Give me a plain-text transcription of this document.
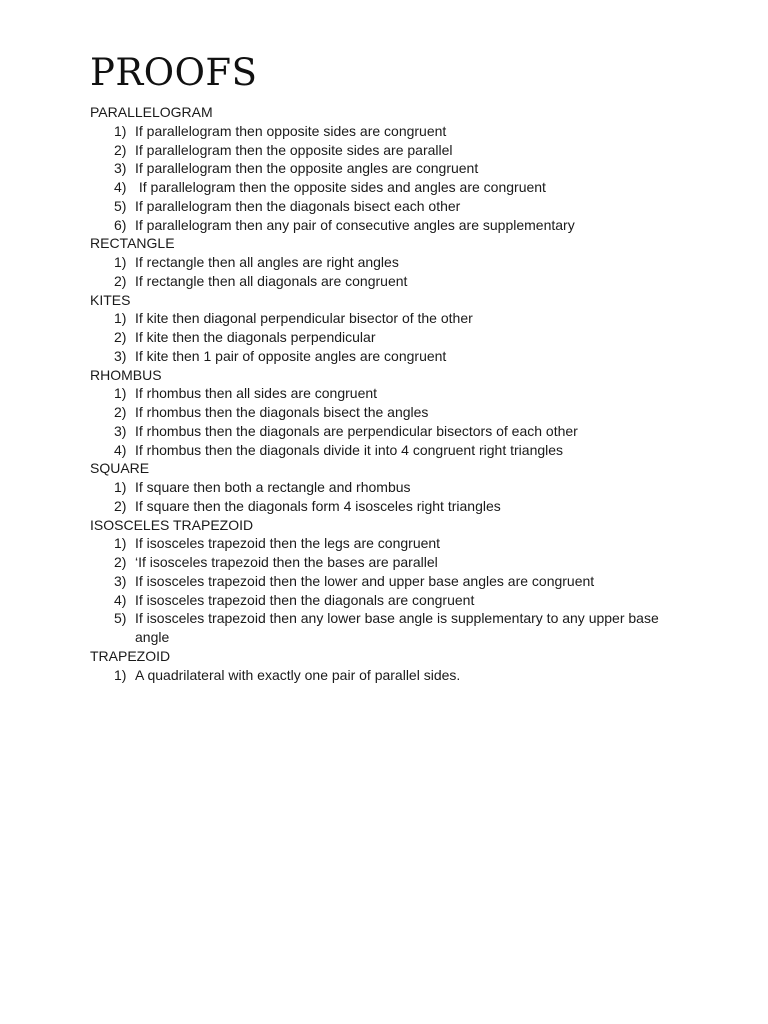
PROOFS
PARALLELOGRAM
1) If parallelogram then opposite sides are congruent
2) If parallelogram then the opposite sides are parallel
3) If parallelogram then the opposite angles are congruent
4) If parallelogram then the opposite sides and angles are congruent
5) If parallelogram then the diagonals bisect each other
6) If parallelogram then any pair of consecutive angles are supplementary
RECTANGLE
1) If rectangle then all angles are right angles
2) If rectangle then all diagonals are congruent
KITES
1) If kite then diagonal perpendicular bisector of the other
2) If kite then the diagonals perpendicular
3) If kite then 1 pair of opposite angles are congruent
RHOMBUS
1) If rhombus then all sides are congruent
2) If rhombus then the diagonals bisect the angles
3) If rhombus then the diagonals are perpendicular bisectors of each other
4) If rhombus then the diagonals divide it into 4 congruent right triangles
SQUARE
1) If square then both a rectangle and rhombus
2) If square then the diagonals form 4 isosceles right triangles
ISOSCELES TRAPEZOID
1) If isosceles trapezoid then the legs are congruent
2) ‘If isosceles trapezoid then the bases are parallel
3) If isosceles trapezoid then the lower and upper base angles are congruent
4) If isosceles trapezoid then the diagonals are congruent
5) If isosceles trapezoid then any lower base angle is supplementary to any upper base angle
TRAPEZOID
1) A quadrilateral with exactly one pair of parallel sides.
